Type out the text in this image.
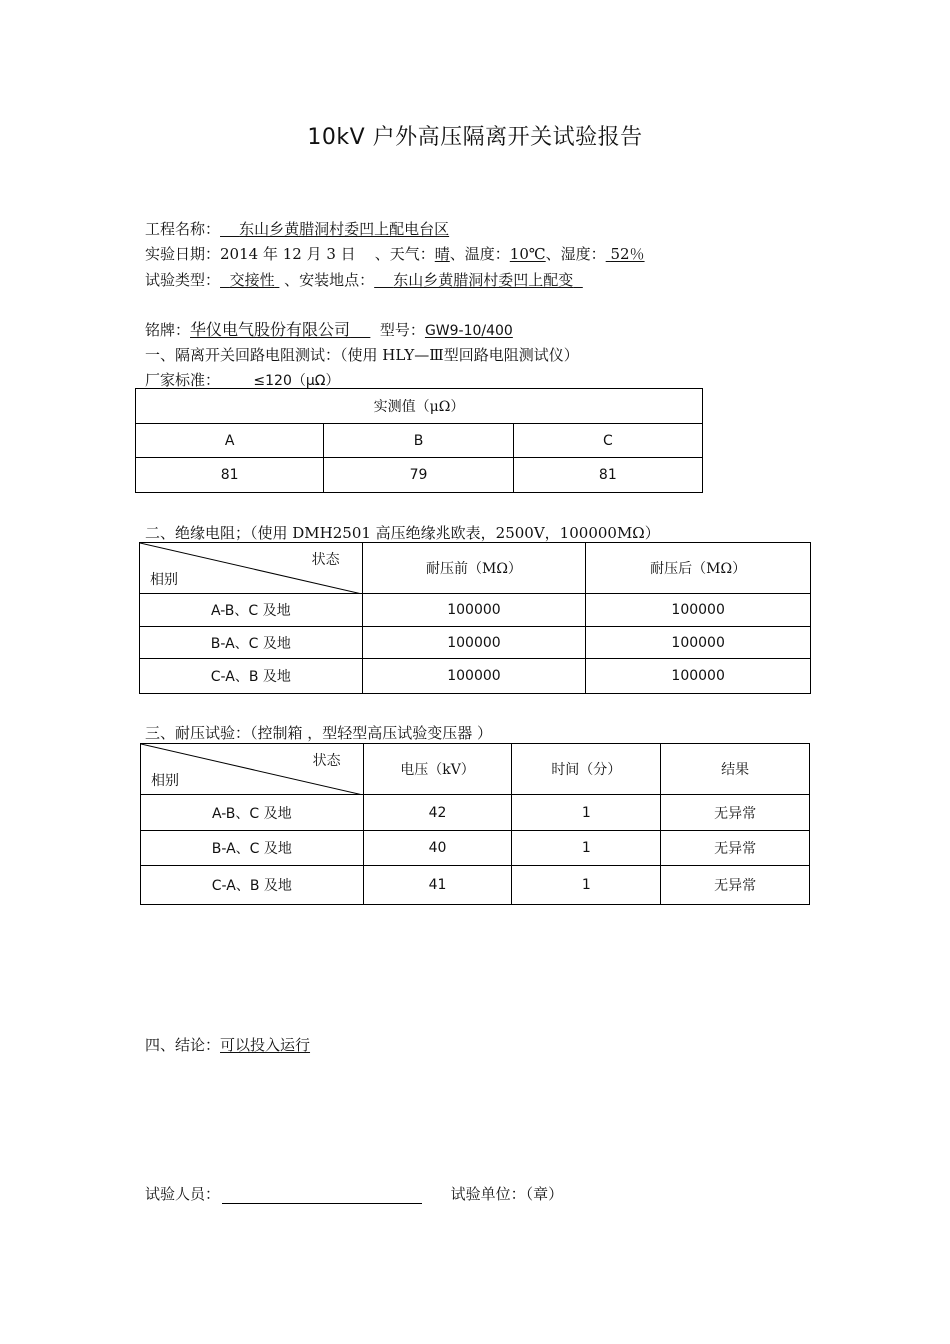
10kV 户外高压隔离开关试验报告
工程名称： 东山乡黄腊洞村委凹上配电台区
实验日期：2014 年 12 月 3 日 、天气：晴、温度：10℃、湿度： 52％
试验类型： 交接性 、安装地点： 东山乡黄腊洞村委凹上配变
铭牌：华仪电气股份有限公司 型号：GW9-10/400
一、隔离开关回路电阻测试：（使用 HLY—Ⅲ型回路电阻测试仪）
厂家标准： ≤120（μΩ）
实测值（μΩ）		
A	B	C
81	79	81
二、绝缘电阻；（使用 DMH2501 高压绝缘兆欧表，2500V，100000MΩ）
状态
相别	耐压前（MΩ）	耐压后（MΩ）
A-B、C 及地	100000	100000
B-A、C 及地	100000	100000
C-A、B 及地	100000	100000
三、耐压试验：（控制箱 ，型轻型高压试验变压器 ）
状态
相别	电压（kV）	时间（分）	结果
A-B、C 及地	42	1	无异常
B-A、C 及地	40	1	无异常
C-A、B 及地	41	1	无异常
四、结论：可以投入运行
试验人员：	试验单位：（章）
